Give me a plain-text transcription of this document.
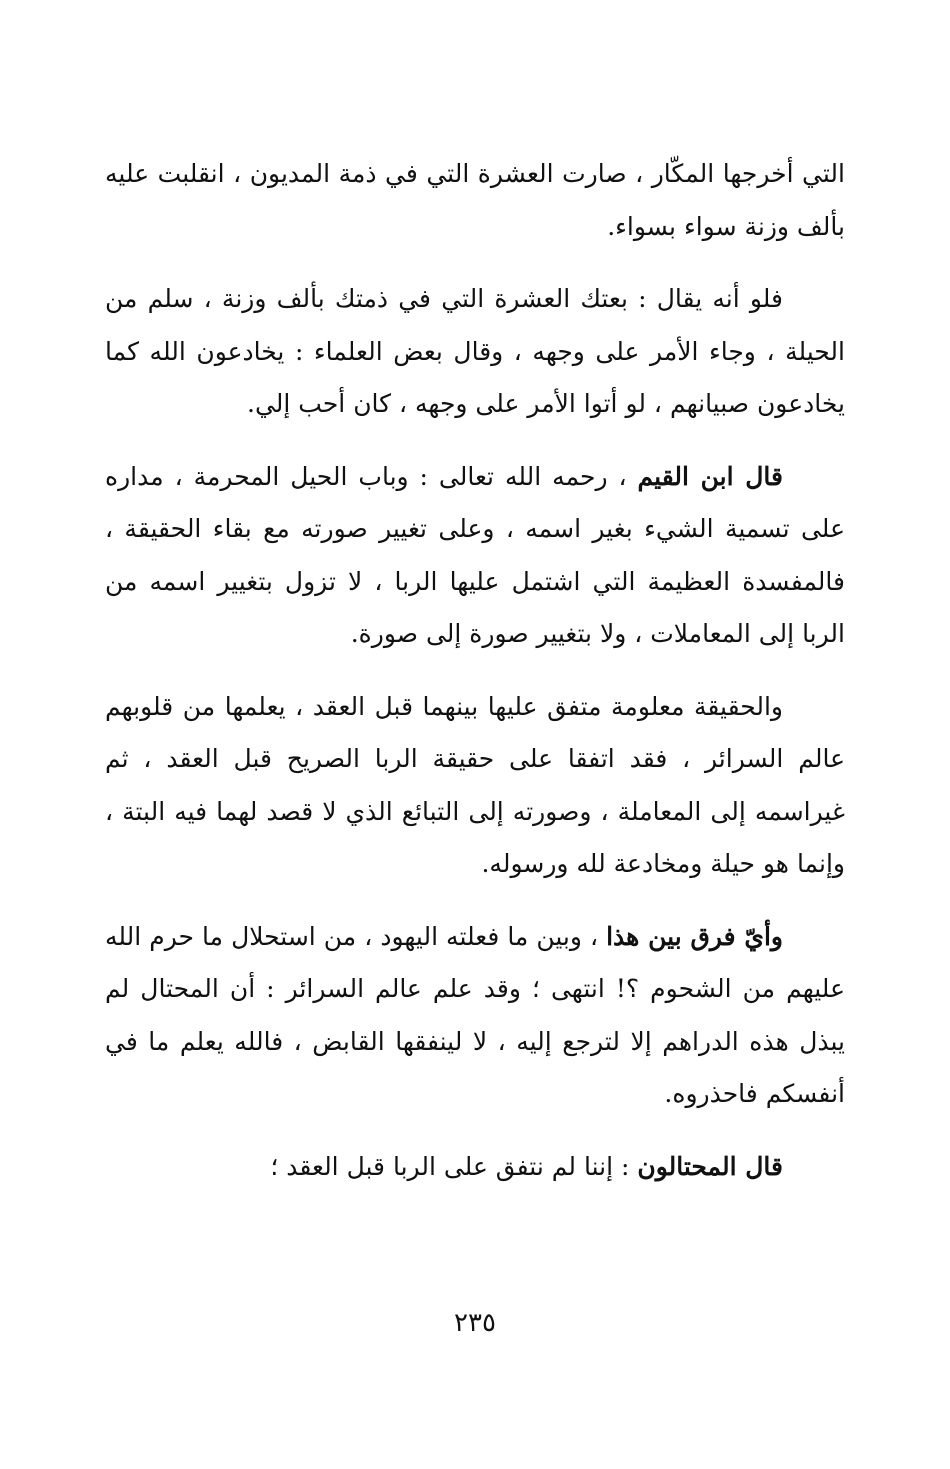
التي أخرجها المكّار ، صارت العشرة التي في ذمة المديون ، انقلبت عليه بألف وزنة سواء بسواء.

فلو أنه يقال : بعتك العشرة التي في ذمتك بألف وزنة ، سلم من الحيلة ، وجاء الأمر على وجهه ، وقال بعض العلماء : يخادعون الله كما يخادعون صبيانهم ، لو أتوا الأمر على وجهه ، كان أحب إلي.

قال ابن القيم ، رحمه الله تعالى : وباب الحيل المحرمة ، مداره على تسمية الشيء بغير اسمه ، وعلى تغيير صورته مع بقاء الحقيقة ، فالمفسدة العظيمة التي اشتمل عليها الربا ، لا تزول بتغيير اسمه من الربا إلى المعاملات ، ولا بتغيير صورة إلى صورة.

والحقيقة معلومة متفق عليها بينهما قبل العقد ، يعلمها من قلوبهم عالم السرائر ، فقد اتفقا على حقيقة الربا الصريح قبل العقد ، ثم غيراسمه إلى المعاملة ، وصورته إلى التبائع الذي لا قصد لهما فيه البتة ، وإنما هو حيلة ومخادعة لله ورسوله.

وأيّ فرق بين هذا ، وبين ما فعلته اليهود ، من استحلال ما حرم الله عليهم من الشحوم ؟! انتهى ؛ وقد علم عالم السرائر : أن المحتال لم يبذل هذه الدراهم إلا لترجع إليه ، لا لينفقها القابض ، فالله يعلم ما في أنفسكم فاحذروه.

قال المحتالون : إننا لم نتفق على الربا قبل العقد ؛

٢٣٥
